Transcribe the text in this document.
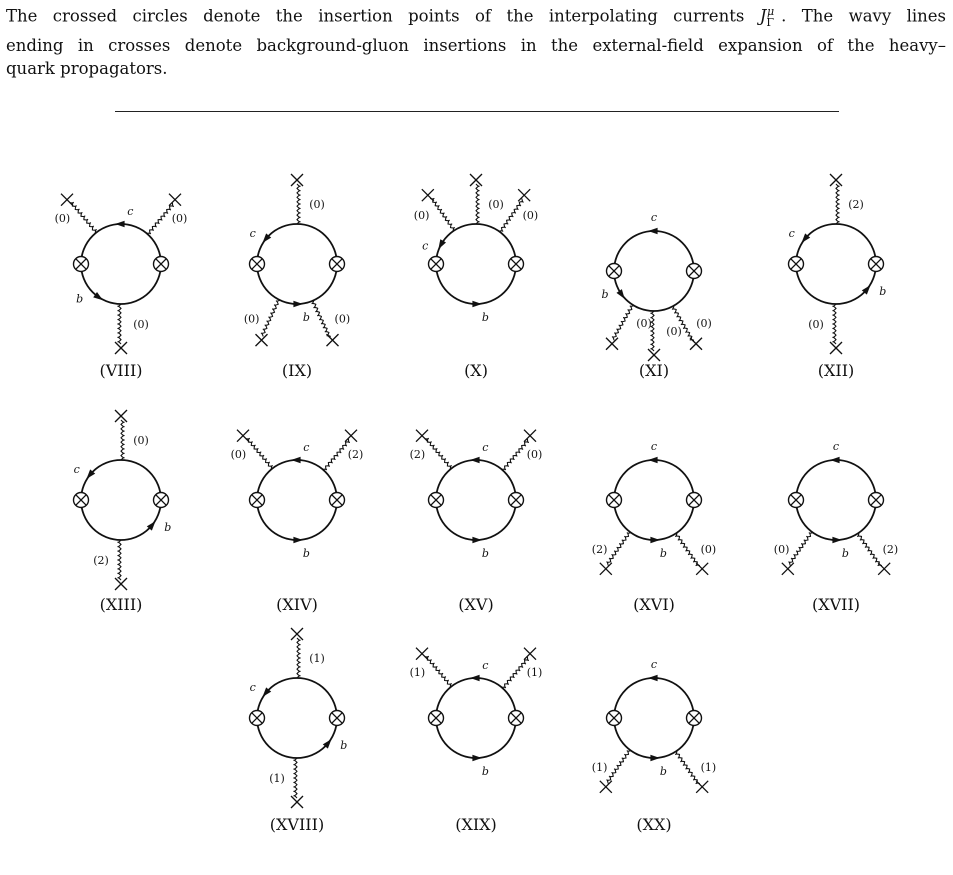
The crossed circles denote the insertion points of the interpolating currents $J_\Gamma^\mu$ . The wavy lines
ending in crosses denote background-gluon insertions in the external-field expansion of the heavy–
quark propagators.
c
b
(0)	(0)
(0)
(VIII)
c
b
(0)
(0)	(0)
(IX)
c
b
(0)
(0)
(0)
(X)
c
b
(0)
(0)
(0)
(XI)
c
b
(2)
(0)
(XII)
c
b
(0)
(2)
(XIII)
c
b
(0)	(2)
(XIV)
c
b
(2)	(0)
(XV)
c
b
(2)	(0)
(XVI)
c
b
(0)	(2)
(XVII)
c
b
(1)
(1)
(XVIII)
c
b
(1)	(1)
(XIX)
c
b
(1)	(1)
(XX)
